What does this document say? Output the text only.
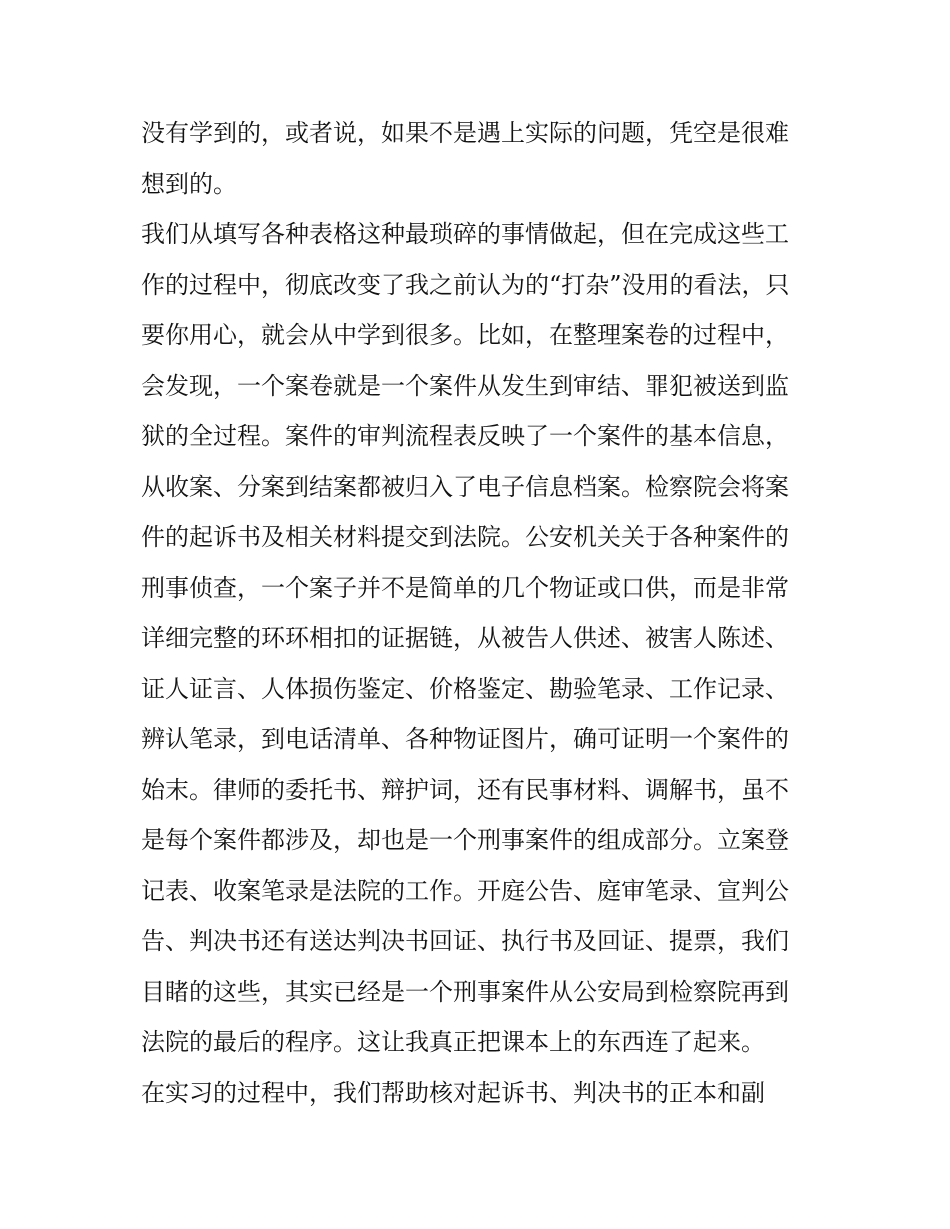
没有学到的，或者说，如果不是遇上实际的问题，凭空是很难
想到的。
我们从填写各种表格这种最琐碎的事情做起，但在完成这些工
作的过程中，彻底改变了我之前认为的“打杂”没用的看法，只
要你用心，就会从中学到很多。比如，在整理案卷的过程中，
会发现，一个案卷就是一个案件从发生到审结、罪犯被送到监
狱的全过程。案件的审判流程表反映了一个案件的基本信息，
从收案、分案到结案都被归入了电子信息档案。检察院会将案
件的起诉书及相关材料提交到法院。公安机关关于各种案件的
刑事侦查，一个案子并不是简单的几个物证或口供，而是非常
详细完整的环环相扣的证据链，从被告人供述、被害人陈述、
证人证言、人体损伤鉴定、价格鉴定、勘验笔录、工作记录、
辨认笔录，到电话清单、各种物证图片，确可证明一个案件的
始末。律师的委托书、辩护词，还有民事材料、调解书，虽不
是每个案件都涉及，却也是一个刑事案件的组成部分。立案登
记表、收案笔录是法院的工作。开庭公告、庭审笔录、宣判公
告、判决书还有送达判决书回证、执行书及回证、提票，我们
目睹的这些，其实已经是一个刑事案件从公安局到检察院再到
法院的最后的程序。这让我真正把课本上的东西连了起来。
在实习的过程中，我们帮助核对起诉书、判决书的正本和副
